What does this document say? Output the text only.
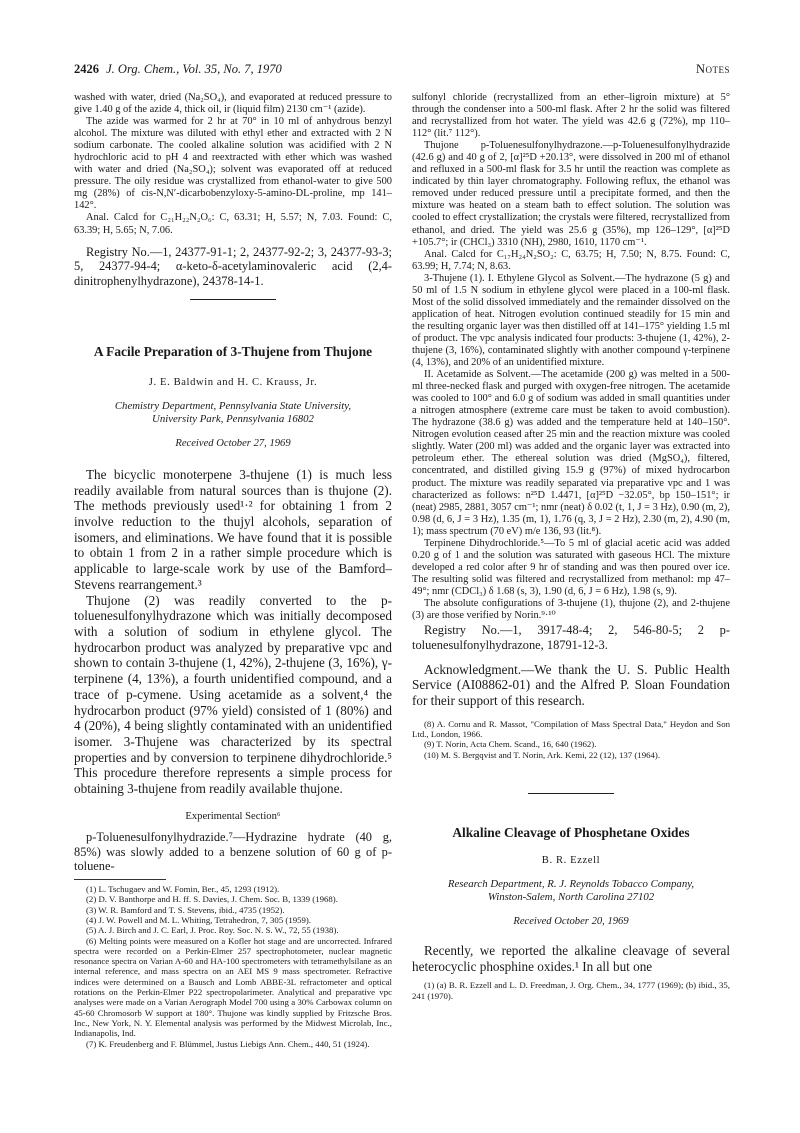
2426 J. Org. Chem., Vol. 35, No. 7, 1970	Notes

washed with water, dried (Na₂SO₄), and evaporated at reduced pressure to give 1.40 g of the azide 4, thick oil, ir (liquid film) 2130 cm⁻¹ (azide).

The azide was warmed for 2 hr at 70° in 10 ml of anhydrous benzyl alcohol. The mixture was diluted with ethyl ether and extracted with 2 N sodium carbonate. The cooled alkaline solution was acidified with 2 N hydrochloric acid to pH 4 and reextracted with ether which was washed with water and dried (Na₂SO₄); solvent was evaporated off at reduced pressure. The oily residue was crystallized from ethanol-water to give 500 mg (28%) of cis-N,N′-dicarbobenzyloxy-5-amino-DL-proline, mp 141–142°.

Anal. Calcd for C₂₁H₂₂N₂O₆: C, 63.31; H, 5.57; N, 7.03. Found: C, 63.39; H, 5.65; N, 7.06.

Registry No.—1, 24377-91-1; 2, 24377-92-2; 3, 24377-93-3; 5, 24377-94-4; α-keto-δ-acetylaminovaleric acid (2,4-dinitrophenylhydrazone), 24378-14-1.

A Facile Preparation of 3-Thujene from Thujone

J. E. Baldwin and H. C. Krauss, Jr.

Chemistry Department, Pennsylvania State University,

University Park, Pennsylvania 16802

Received October 27, 1969

The bicyclic monoterpene 3-thujene (1) is much less readily available from natural sources than is thujone (2). The methods previously used¹·² for obtaining 1 from 2 involve reduction to the thujyl alcohols, separation of isomers, and eliminations. We have found that it is possible to obtain 1 from 2 in a rather simple procedure which is applicable to large-scale work by use of the Bamford–Stevens rearrangement.³

Thujone (2) was readily converted to the p-toluenesulfonylhydrazone which was initially decomposed with a solution of sodium in ethylene glycol. The hydrocarbon product was analyzed by preparative vpc and shown to contain 3-thujene (1, 42%), 2-thujene (3, 16%), γ-terpinene (4, 13%), a fourth unidentified compound, and a trace of p-cymene. Using acetamide as a solvent,⁴ the hydrocarbon product (97% yield) consisted of 1 (80%) and 4 (20%), 4 being slightly contaminated with an unidentified isomer. 3-Thujene was characterized by its spectral properties and by conversion to terpinene dihydrochloride.⁵ This procedure therefore represents a simple process for obtaining 3-thujene from readily available thujone.

Experimental Section⁶

p-Toluenesulfonylhydrazide.⁷—Hydrazine hydrate (40 g, 85%) was slowly added to a benzene solution of 60 g of p-toluene-

(1) L. Tschugaev and W. Fomin, Ber., 45, 1293 (1912).

(2) D. V. Banthorpe and H. ff. S. Davies, J. Chem. Soc. B, 1339 (1968).

(3) W. R. Bamford and T. S. Stevens, ibid., 4735 (1952).

(4) J. W. Powell and M. L. Whiting, Tetrahedron, 7, 305 (1959).

(5) A. J. Birch and J. C. Earl, J. Proc. Roy. Soc. N. S. W., 72, 55 (1938).

(6) Melting points were measured on a Kofler hot stage and are uncorrected. Infrared spectra were recorded on a Perkin-Elmer 257 spectrophotometer, nuclear magnetic resonance spectra on Varian A-60 and HA-100 spectrometers with tetramethylsilane as an internal reference, and mass spectra on an AEI MS 9 mass spectrometer. Refractive indices were determined on a Bausch and Lomb ABBE-3L refractometer and optical rotations on the Perkin-Elmer P22 spectropolarimeter. Analytical and preparative vpc analyses were made on a Varian Aerograph Model 700 using a 30% Carbowax column on 45-60 Chromosorb W support at 180°. Thujone was kindly supplied by Fritzsche Bros. Inc., New York, N. Y. Elemental analysis was performed by the Midwest Microlab, Inc., Indianapolis, Ind.

(7) K. Freudenberg and F. Blümmel, Justus Liebigs Ann. Chem., 440, 51 (1924).

sulfonyl chloride (recrystallized from an ether–ligroin mixture) at 5° through the condenser into a 500-ml flask. After 2 hr the solid was filtered and recrystallized from hot water. The yield was 42.6 g (72%), mp 110–112° (lit.⁷ 112°).

Thujone p-Toluenesulfonylhydrazone.—p-Toluenesulfonylhydrazide (42.6 g) and 40 g of 2, [α]²⁵D +20.13°, were dissolved in 200 ml of ethanol and refluxed in a 500-ml flask for 3.5 hr until the reaction was complete as indicated by thin layer chromatography. Following reflux, the ethanol was removed under reduced pressure until a precipitate formed, and then the mixture was heated on a steam bath to effect solution. The solution was cooled to effect crystallization; the crystals were filtered, recrystallized from ethanol, and dried. The yield was 25.6 g (35%), mp 126–129°, [α]²⁵D +105.7°; ir (CHCl₃) 3310 (NH), 2980, 1610, 1170 cm⁻¹.

Anal. Calcd for C₁₇H₂₄N₂SO₂: C, 63.75; H, 7.50; N, 8.75. Found: C, 63.99; H, 7.74; N, 8.63.

3-Thujene (1). I. Ethylene Glycol as Solvent.—The hydrazone (5 g) and 50 ml of 1.5 N sodium in ethylene glycol were placed in a 100-ml flask. Most of the solid dissolved immediately and the remainder dissolved on the application of heat. Nitrogen evolution continued steadily for 15 min and the resulting organic layer was then distilled off at 141–175° yielding 1.5 ml of product. The vpc analysis indicated four products: 3-thujene (1, 42%), 2-thujene (3, 16%), contaminated slightly with another compound γ-terpinene (4, 13%), and 20% of an unidentified mixture.

II. Acetamide as Solvent.—The acetamide (200 g) was melted in a 500-ml three-necked flask and purged with oxygen-free nitrogen. The acetamide was cooled to 100° and 6.0 g of sodium was added in small quantities under a nitrogen atmosphere (extreme care must be taken to avoid combustion). The hydrazone (38.6 g) was added and the temperature held at 140–150°. Nitrogen evolution ceased after 25 min and the reaction mixture was cooled slightly. Water (200 ml) was added and the organic layer was extracted into petroleum ether. The ethereal solution was dried (MgSO₄), filtered, concentrated, and distilled giving 15.9 g (97%) of mixed hydrocarbon product. The mixture was readily separated via preparative vpc and 1 was characterized as follows: n²⁵D 1.4471, [α]²⁵D −32.05°, bp 150–151°; ir (neat) 2985, 2881, 3057 cm⁻¹; nmr (neat) δ 0.02 (t, 1, J = 3 Hz), 0.90 (m, 2), 0.98 (d, 6, J = 3 Hz), 1.35 (m, 1), 1.76 (q, 3, J = 2 Hz), 2.30 (m, 2), 4.90 (m, 1); mass spectrum (70 eV) m/e 136, 93 (lit.⁸).

Terpinene Dihydrochloride.⁵—To 5 ml of glacial acetic acid was added 0.20 g of 1 and the solution was saturated with gaseous HCl. The mixture developed a red color after 9 hr of standing and was then poured over ice. The resulting solid was filtered and recrystallized from methanol: mp 47–49°; nmr (CDCl₃) δ 1.68 (s, 3), 1.90 (d, 6, J = 6 Hz), 1.98 (s, 9).

The absolute configurations of 3-thujene (1), thujone (2), and 2-thujene (3) are those verified by Norin.⁹·¹⁰

Registry No.—1, 3917-48-4; 2, 546-80-5; 2 p-toluenesulfonylhydrazone, 18791-12-3.

Acknowledgment.—We thank the U. S. Public Health Service (AI08862-01) and the Alfred P. Sloan Foundation for their support of this research.

(8) A. Cornu and R. Massot, "Compilation of Mass Spectral Data," Heydon and Son Ltd., London, 1966.

(9) T. Norin, Acta Chem. Scand., 16, 640 (1962).

(10) M. S. Bergqvist and T. Norin, Ark. Kemi, 22 (12), 137 (1964).

Alkaline Cleavage of Phosphetane Oxides

B. R. Ezzell

Research Department, R. J. Reynolds Tobacco Company,

Winston-Salem, North Carolina 27102

Received October 20, 1969

Recently, we reported the alkaline cleavage of several heterocyclic phosphine oxides.¹ In all but one

(1) (a) B. R. Ezzell and L. D. Freedman, J. Org. Chem., 34, 1777 (1969); (b) ibid., 35, 241 (1970).
